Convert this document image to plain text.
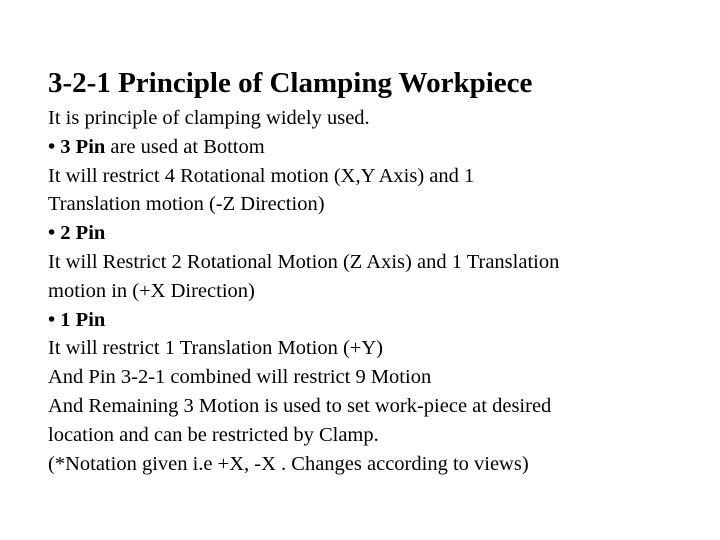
3-2-1 Principle of Clamping Workpiece
It is principle of clamping widely used.
• 3 Pin are used at Bottom
It will restrict 4 Rotational motion (X,Y Axis) and 1
Translation motion (-Z Direction)
• 2 Pin
It will Restrict 2 Rotational Motion (Z Axis) and 1 Translation
motion in (+X Direction)
• 1 Pin
It will restrict 1 Translation Motion (+Y)
And Pin 3-2-1 combined will restrict 9 Motion
And Remaining 3 Motion is used to set work-piece at desired
location and can be restricted by Clamp.
(*Notation given i.e +X, -X . Changes according to views)
